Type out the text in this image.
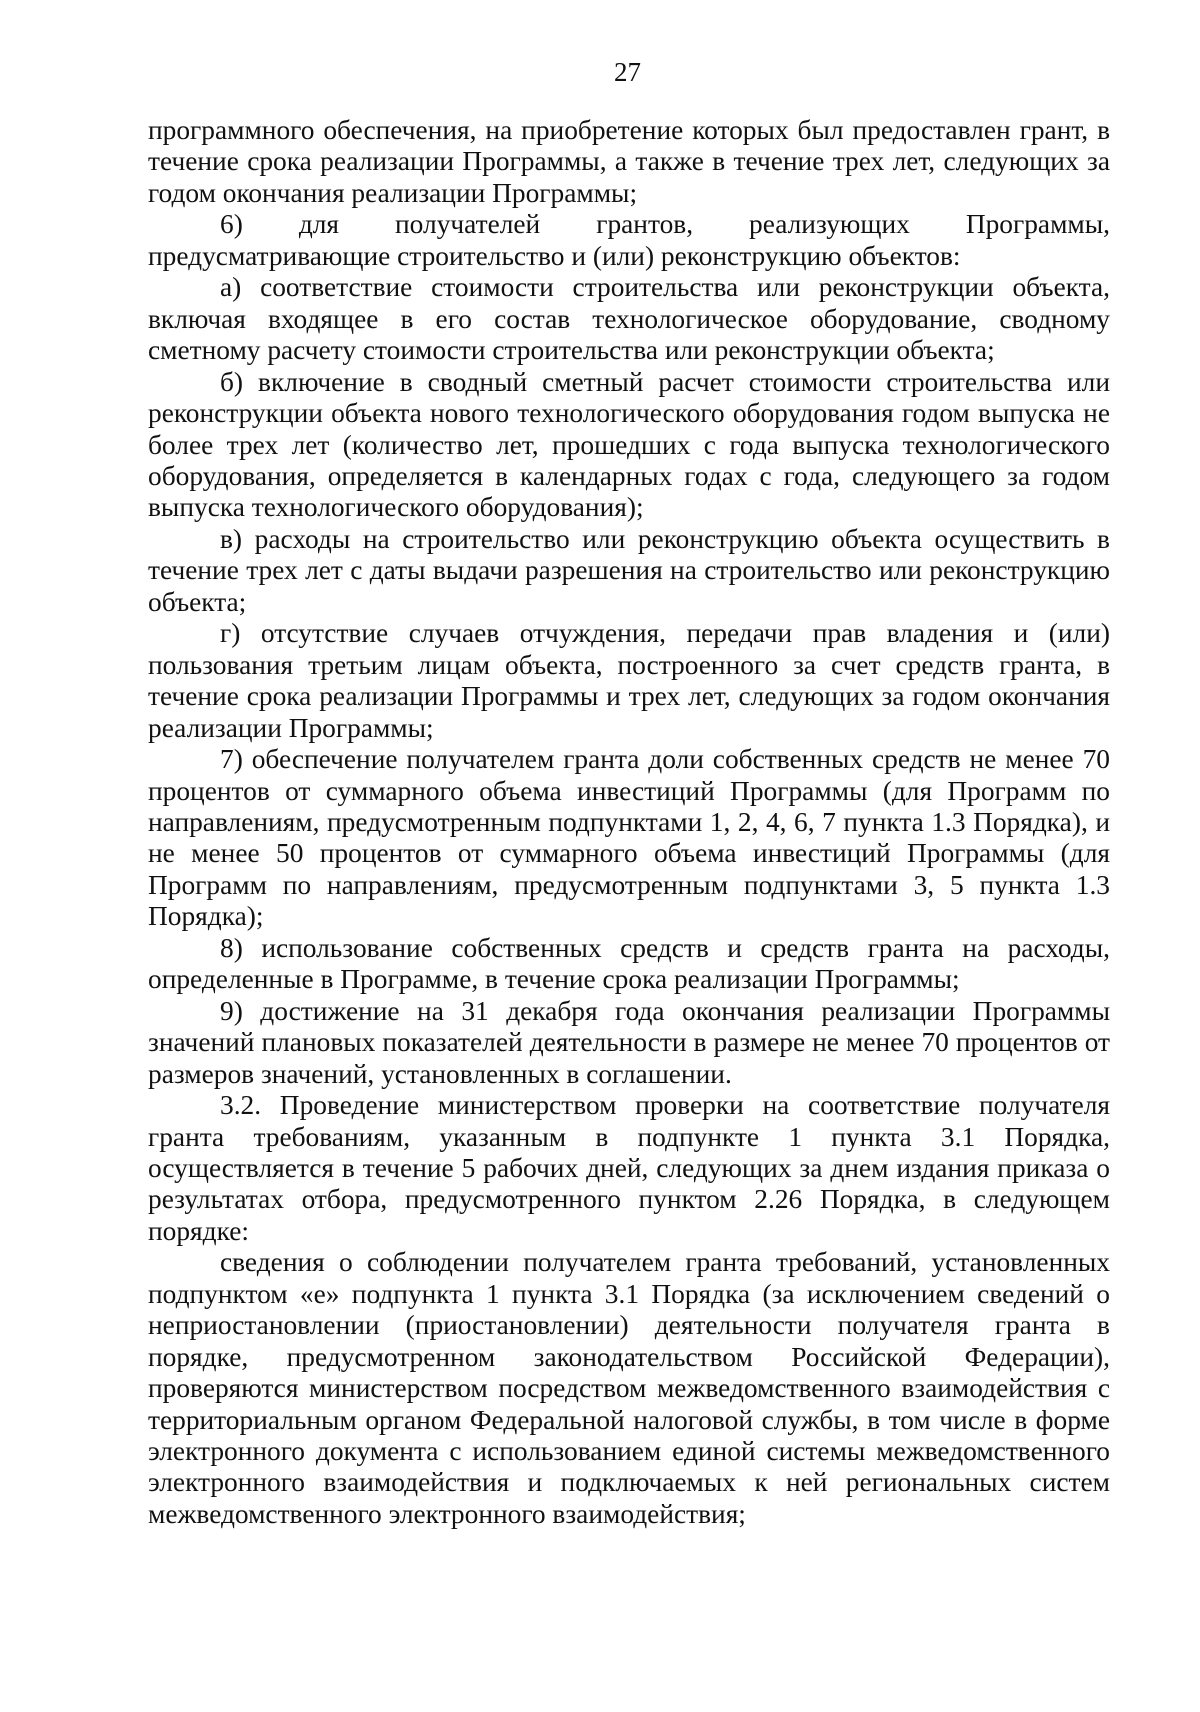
27

программного обеспечения, на приобретение которых был предоставлен грант, в течение срока реализации Программы, а также в течение трех лет, следующих за годом окончания реализации Программы;

6) для получателей грантов, реализующих Программы, предусматривающие строительство и (или) реконструкцию объектов:

а) соответствие стоимости строительства или реконструкции объекта, включая входящее в его состав технологическое оборудование, сводному сметному расчету стоимости строительства или реконструкции объекта;

б) включение в сводный сметный расчет стоимости строительства или реконструкции объекта нового технологического оборудования годом выпуска не более трех лет (количество лет, прошедших с года выпуска технологического оборудования, определяется в календарных годах с года, следующего за годом выпуска технологического оборудования);

в) расходы на строительство или реконструкцию объекта осуществить в течение трех лет с даты выдачи разрешения на строительство или реконструкцию объекта;

г) отсутствие случаев отчуждения, передачи прав владения и (или) пользования третьим лицам объекта, построенного за счет средств гранта, в течение срока реализации Программы и трех лет, следующих за годом окончания реализации Программы;

7) обеспечение получателем гранта доли собственных средств не менее 70 процентов от суммарного объема инвестиций Программы (для Программ по направлениям, предусмотренным подпунктами 1, 2, 4, 6, 7 пункта 1.3 Порядка), и не менее 50 процентов от суммарного объема инвестиций Программы (для Программ по направлениям, предусмотренным подпунктами 3, 5 пункта 1.3 Порядка);

8) использование собственных средств и средств гранта на расходы, определенные в Программе, в течение срока реализации Программы;

9) достижение на 31 декабря года окончания реализации Программы значений плановых показателей деятельности в размере не менее 70 процентов от размеров значений, установленных в соглашении.

3.2. Проведение министерством проверки на соответствие получателя гранта требованиям, указанным в подпункте 1 пункта 3.1 Порядка, осуществляется в течение 5 рабочих дней, следующих за днем издания приказа о результатах отбора, предусмотренного пунктом 2.26 Порядка, в следующем порядке:

сведения о соблюдении получателем гранта требований, установленных подпунктом «е» подпункта 1 пункта 3.1 Порядка (за исключением сведений о неприостановлении (приостановлении) деятельности получателя гранта в порядке, предусмотренном законодательством Российской Федерации), проверяются министерством посредством межведомственного взаимодействия с территориальным органом Федеральной налоговой службы, в том числе в форме электронного документа с использованием единой системы межведомственного электронного взаимодействия и подключаемых к ней региональных систем межведомственного электронного взаимодействия;
